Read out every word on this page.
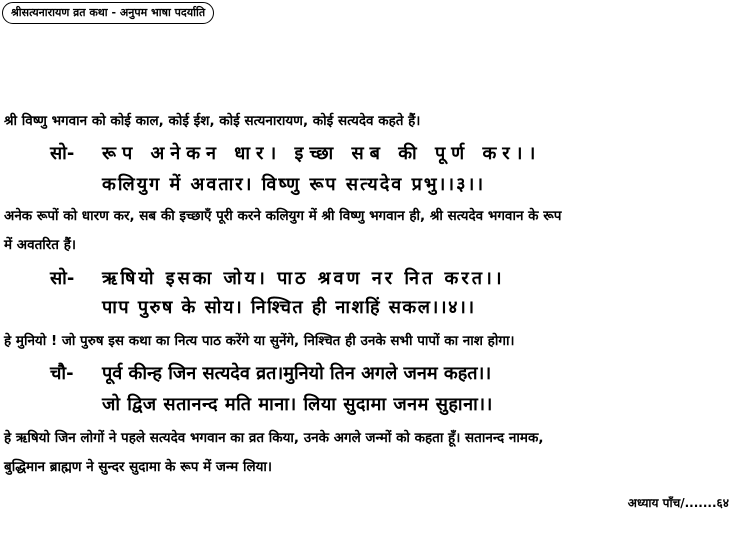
श्रीसत्यनारायण व्रत कथा - अनुपम भाषा पदर्याति
श्री विष्णु भगवान को कोई काल, कोई ईश, कोई सत्यनारायण, कोई सत्यदेव कहते हैं।
सो- रूप अनेकन धार। इच्छा सब की पूर्ण कर।।
कलियुग में अवतार। विष्णु रूप सत्यदेव प्रभु।।३।।
अनेक रूपों को धारण कर, सब की इच्छाएँ पूरी करने कलियुग में श्री विष्णु भगवान ही, श्री सत्यदेव भगवान के रूप
में अवतरित हैं।
सो- ऋषियो इसका जोय। पाठ श्रवण नर नित करत।।
पाप पुरुष के सोय। निश्चित ही नाशहिं सकल।।४।।
हे मुनियो ! जो पुरुष इस कथा का नित्य पाठ करेंगे या सुनेंगे, निश्चित ही उनके सभी पापों का नाश होगा।
चौ- पूर्व कीन्ह जिन सत्यदेव व्रत।मुनियो तिन अगले जनम कहत।।
जो द्विज सतानन्द मति माना। लिया सुदामा जनम सुहाना।।
हे ऋषियो जिन लोगों ने पहले सत्यदेव भगवान का व्रत किया, उनके अगले जन्मों को कहता हूँ। सतानन्द नामक,
बुद्धिमान ब्राह्मण ने सुन्दर सुदामा के रूप में जन्म लिया।
अध्याय पाँच/.......६४
